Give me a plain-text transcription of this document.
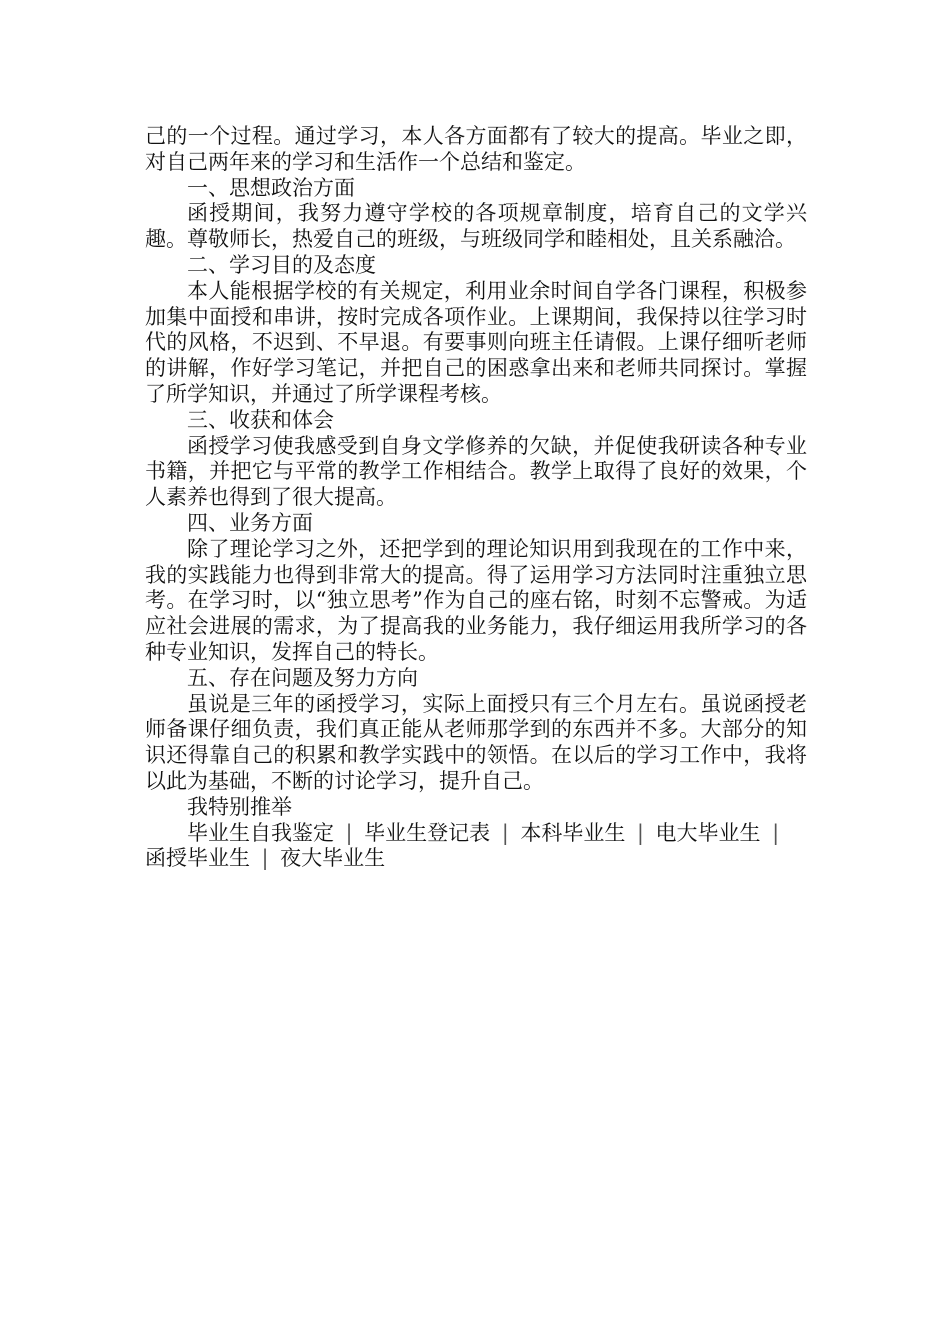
己的一个过程。通过学习，本人各方面都有了较大的提高。毕业之即，对自己两年来的学习和生活作一个总结和鉴定。

一、思想政治方面

函授期间，我努力遵守学校的各项规章制度，培育自己的文学兴趣。尊敬师长，热爱自己的班级，与班级同学和睦相处，且关系融洽。

二、学习目的及态度

本人能根据学校的有关规定，利用业余时间自学各门课程，积极参加集中面授和串讲，按时完成各项作业。上课期间，我保持以往学习时代的风格，不迟到、不早退。有要事则向班主任请假。上课仔细听老师的讲解，作好学习笔记，并把自己的困惑拿出来和老师共同探讨。掌握了所学知识，并通过了所学课程考核。

三、收获和体会

函授学习使我感受到自身文学修养的欠缺，并促使我研读各种专业书籍，并把它与平常的教学工作相结合。教学上取得了良好的效果，个人素养也得到了很大提高。

四、业务方面

除了理论学习之外，还把学到的理论知识用到我现在的工作中来，我的实践能力也得到非常大的提高。得了运用学习方法同时注重独立思考。在学习时，以“独立思考”作为自己的座右铭，时刻不忘警戒。为适应社会进展的需求，为了提高我的业务能力，我仔细运用我所学习的各种专业知识，发挥自己的特长。

五、存在问题及努力方向

虽说是三年的函授学习，实际上面授只有三个月左右。虽说函授老师备课仔细负责，我们真正能从老师那学到的东西并不多。大部分的知识还得靠自己的积累和教学实践中的领悟。在以后的学习工作中，我将以此为基础，不断的讨论学习，提升自己。

我特别推举

毕业生自我鉴定 | 毕业生登记表 | 本科毕业生 | 电大毕业生 |函授毕业生 | 夜大毕业生
